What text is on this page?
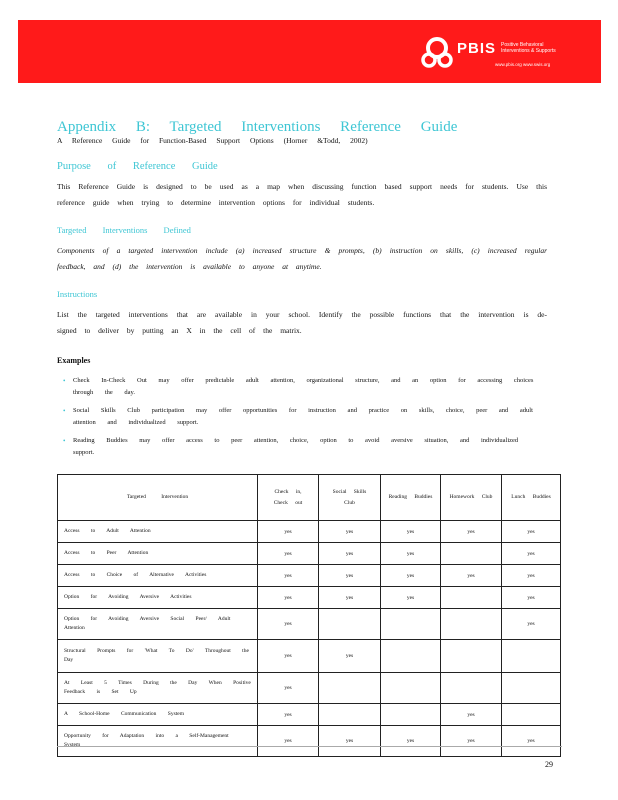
PBIS Positive Behavioral
Interventions & Supports
www.pbis.org www.swis.org
Appendix B: Targeted Interventions Reference Guide

A Reference Guide for Function-Based Support Options (Horner &Todd, 2002)

Purpose of Reference Guide

This Reference Guide is designed to be used as a map when discussing function based support needs for students. Use this reference guide when trying to determine intervention options for individual students.

Targeted Interventions Defined

Components of a targeted intervention include (a) increased structure & prompts, (b) instruction on skills, (c) increased regular feedback, and (d) the intervention is available to anyone at anytime.

Instructions

List the targeted interventions that are available in your school. Identify the possible functions that the intervention is de-signed to deliver by putting an X in the cell of the matrix.

Examples
• Check In-Check Out may offer predictable adult attention, organizational structure, and an option for accessing choices through the day.
• Social Skills Club participation may offer opportunities for instruction and practice on skills, choice, peer and adult attention and individualized support.
• Reading Buddies may offer access to peer attention, choice, option to avoid aversive situation, and individualized support.
Targeted Intervention	Check in, Check out	Social Skills Club	Reading Buddies	Homework Club	Lunch Buddies
Access to Adult Attention	yes	yes	yes	yes	yes
Access to Peer Attention	yes	yes	yes		yes
Access to Choice of Alternative Activities	yes	yes	yes	yes	yes
Option for Avoiding Aversive Activities	yes	yes	yes		yes
Option for Avoiding Aversive Social Peer/ Adult Attention	yes				yes
Structural Prompts for 'What To Do' Throughout the Day	yes	yes			
At Least 5 Times During the Day When Positive Feedback is Set Up	yes				
A School-Home Communication System	yes			yes	
Opportunity for Adaptation into a Self-Management System	yes	yes	yes	yes	yes
29
